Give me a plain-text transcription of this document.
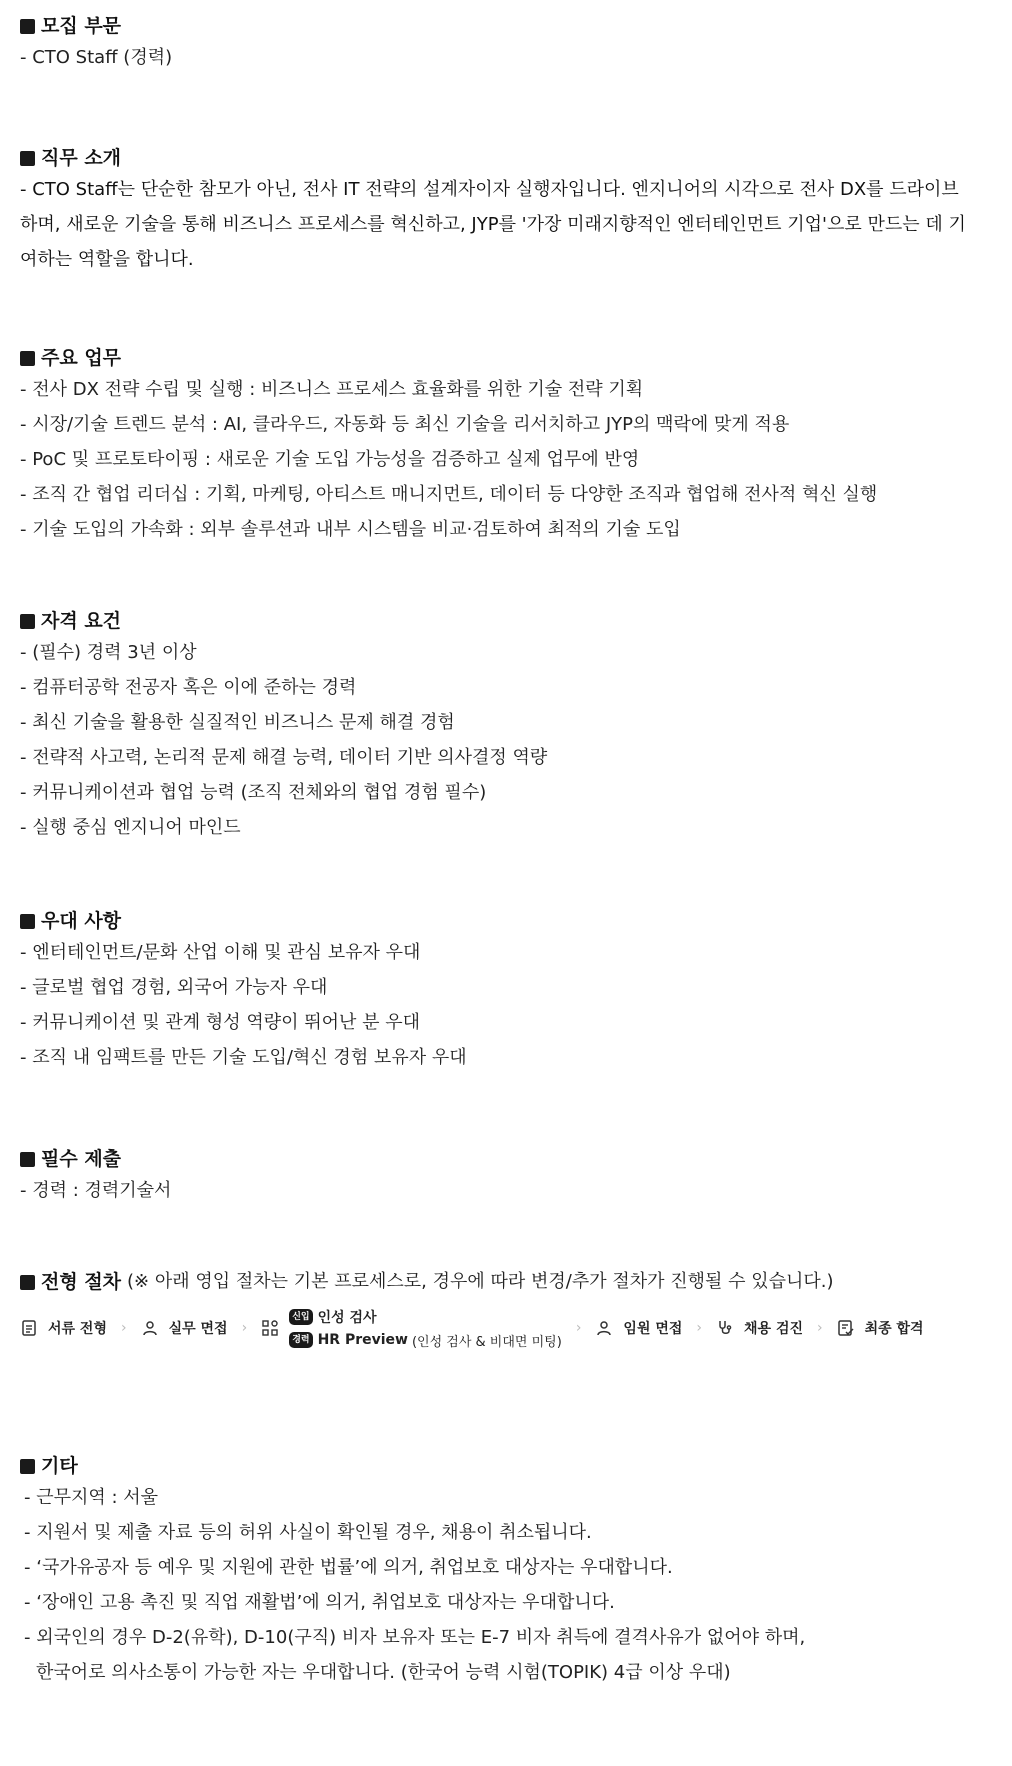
모집 부문
- CTO Staff (경력)
직무 소개
- CTO Staff는 단순한 참모가 아닌, 전사 IT 전략의 설계자이자 실행자입니다. 엔지니어의 시각으로 전사 DX를 드라이브
하며, 새로운 기술을 통해 비즈니스 프로세스를 혁신하고, JYP를 '가장 미래지향적인 엔터테인먼트 기업'으로 만드는 데 기
여하는 역할을 합니다.
주요 업무
- 전사 DX 전략 수립 및 실행 : 비즈니스 프로세스 효율화를 위한 기술 전략 기획
- 시장/기술 트렌드 분석 : AI, 클라우드, 자동화 등 최신 기술을 리서치하고 JYP의 맥락에 맞게 적용
- PoC 및 프로토타이핑 : 새로운 기술 도입 가능성을 검증하고 실제 업무에 반영
- 조직 간 협업 리더십 : 기획, 마케팅, 아티스트 매니지먼트, 데이터 등 다양한 조직과 협업해 전사적 혁신 실행
- 기술 도입의 가속화 : 외부 솔루션과 내부 시스템을 비교·검토하여 최적의 기술 도입
자격 요건
- (필수) 경력 3년 이상
- 컴퓨터공학 전공자 혹은 이에 준하는 경력
- 최신 기술을 활용한 실질적인 비즈니스 문제 해결 경험
- 전략적 사고력, 논리적 문제 해결 능력, 데이터 기반 의사결정 역량
- 커뮤니케이션과 협업 능력 (조직 전체와의 협업 경험 필수)
- 실행 중심 엔지니어 마인드
우대 사항
- 엔터테인먼트/문화 산업 이해 및 관심 보유자 우대
- 글로벌 협업 경험, 외국어 가능자 우대
- 커뮤니케이션 및 관계 형성 역량이 뛰어난 분 우대
- 조직 내 임팩트를 만든 기술 도입/혁신 경험 보유자 우대
필수 제출
- 경력 : 경력기술서
전형 절차 (※ 아래 영입 절차는 기본 프로세스로, 경우에 따라 변경/추가 절차가 진행될 수 있습니다.)
서류 전형 ›	실무 면접 ›
신입 인성 검사
경력 HR Preview (인성 검사 & 비대면 미팅)
›	임원 면접 ›	채용 검진 ›	최종 합격
기타
- 근무지역 : 서울
- 지원서 및 제출 자료 등의 허위 사실이 확인될 경우, 채용이 취소됩니다.
- ‘국가유공자 등 예우 및 지원에 관한 법률’에 의거, 취업보호 대상자는 우대합니다.
- ‘장애인 고용 촉진 및 직업 재활법’에 의거, 취업보호 대상자는 우대합니다.
- 외국인의 경우 D-2(유학), D-10(구직) 비자 보유자 또는 E-7 비자 취득에 결격사유가 없어야 하며,
한국어로 의사소통이 가능한 자는 우대합니다. (한국어 능력 시험(TOPIK) 4급 이상 우대)
